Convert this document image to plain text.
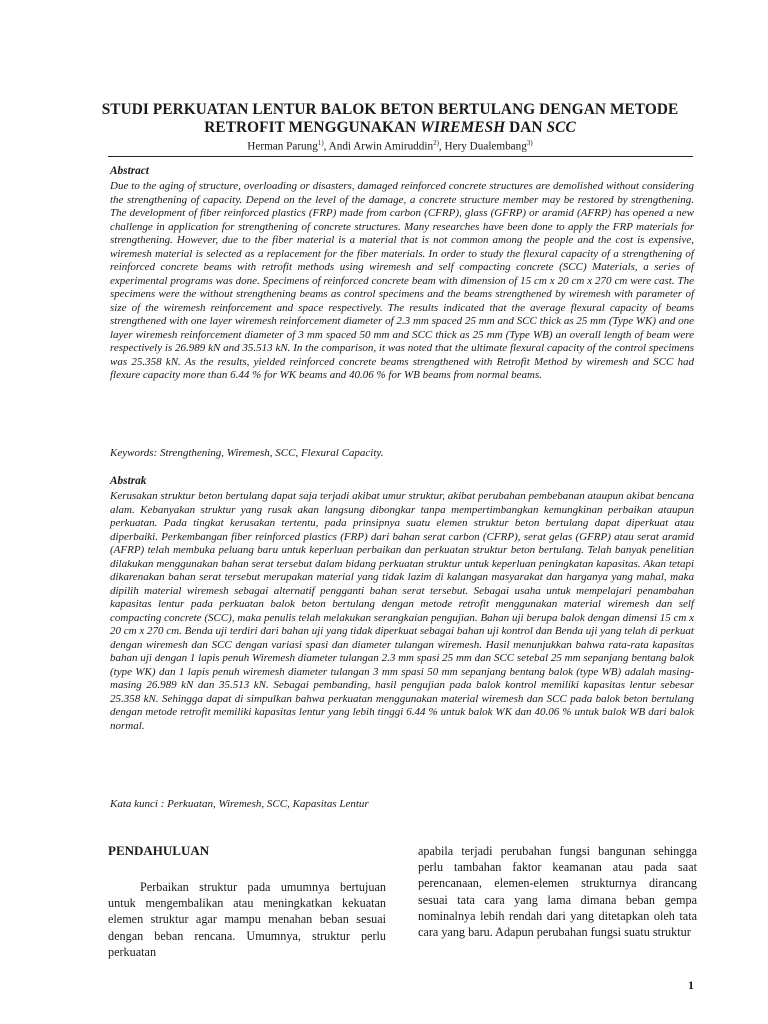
STUDI PERKUATAN LENTUR BALOK BETON BERTULANG DENGAN METODE
RETROFIT MENGGUNAKAN WIREMESH DAN SCC
Herman Parung$^{1)}$, Andi Arwin Amiruddin$^{2)}$, Hery Dualembang$^{3)}$
Abstract

Due to the aging of structure, overloading or disasters, damaged reinforced concrete structures are demolished without considering the strengthening of capacity. Depend on the level of the damage, a concrete structure member may be restored by strengthening. The development of fiber reinforced plastics (FRP) made from carbon (CFRP), glass (GFRP) or aramid (AFRP) has opened a new challenge in application for strengthening of concrete structures. Many researches have been done to apply the FRP materials for strengthening. However, due to the fiber material is a material that is not common among the people and the cost is expensive, wiremesh material is selected as a replacement for the fiber materials. In order to study the flexural capacity of a strengthening of reinforced concrete beams with retrofit methods using wiremesh and self compacting concrete (SCC) Materials, a series of experimental programs was done. Specimens of reinforced concrete beam with dimension of 15 cm x 20 cm x 270 cm were cast. The specimens were the without strengthening beams as control specimens and the beams strengthened by wiremesh with parameter of size of the wiremesh reinforcement and space respectively. The results indicated that the average flexural capacity of beams strengthened with one layer wiremesh reinforcement diameter of 2.3 mm spaced 25 mm and SCC thick as 25 mm (Type WK) and one layer wiremesh reinforcement diameter of 3 mm spaced 50 mm and SCC thick as 25 mm (Type WB) an overall length of beam were respectively is 26.989 kN and 35.513 kN. In the comparison, it was noted that the ultimate flexural capacity of the control specimens was 25.358 kN. As the results, yielded reinforced concrete beams strengthened with Retrofit Method by wiremesh and SCC had flexure capacity more than 6.44 % for WK beams and 40.06 % for WB beams from normal beams.

Keywords: Strengthening, Wiremesh, SCC, Flexural Capacity.
Abstrak

Kerusakan struktur beton bertulang dapat saja terjadi akibat umur struktur, akibat perubahan pembebanan ataupun akibat bencana alam. Kebanyakan struktur yang rusak akan langsung dibongkar tanpa mempertimbangkan kemungkinan perbaikan ataupun perkuatan. Pada tingkat kerusakan tertentu, pada prinsipnya suatu elemen struktur beton bertulang dapat diperkuat atau diperbaiki. Perkembangan fiber reinforced plastics (FRP) dari bahan serat carbon (CFRP), serat gelas (GFRP) atau serat aramid (AFRP) telah membuka peluang baru untuk keperluan perbaikan dan perkuatan struktur beton bertulang. Telah banyak penelitian dilakukan menggunakan bahan serat tersebut dalam bidang perkuatan struktur untuk keperluan peningkatan kapasitas. Akan tetapi dikarenakan bahan serat tersebut merupakan material yang tidak lazim di kalangan masyarakat dan harganya yang mahal, maka dipilih material wiremesh sebagai alternatif pengganti bahan serat tersebut. Sebagai usaha untuk mempelajari penambahan kapasitas lentur pada perkuatan balok beton bertulang dengan metode retrofit menggunakan material wiremesh dan self compacting concrete (SCC), maka penulis telah melakukan serangkaian pengujian. Bahan uji berupa balok dengan dimensi 15 cm x 20 cm x 270 cm. Benda uji terdiri dari bahan uji yang tidak diperkuat sebagai bahan uji kontrol dan Benda uji yang telah di perkuat dengan wiremesh dan SCC dengan variasi spasi dan diameter tulangan wiremesh. Hasil menunjukkan bahwa rata-rata kapasitas bahan uji dengan 1 lapis penuh Wiremesh diameter tulangan 2.3 mm spasi 25 mm dan SCC setebal 25 mm sepanjang bentang balok (type WK) dan 1 lapis penuh wiremesh diameter tulangan 3 mm spasi 50 mm sepanjang bentang balok (type WB) adalah masing-masing 26.989 kN dan 35.513 kN. Sebagai pembanding, hasil pengujian pada balok kontrol memiliki kapasitas lentur sebesar 25.358 kN. Sehingga dapat di simpulkan bahwa perkuatan menggunakan material wiremesh dan SCC pada balok beton bertulang dengan metode retrofit memiliki kapasitas lentur yang lebih tinggi 6.44 % untuk balok WK dan 40.06 % untuk balok WB dari balok normal.

Kata kunci : Perkuatan, Wiremesh, SCC, Kapasitas Lentur
PENDAHULUAN

Perbaikan struktur pada umumnya bertujuan untuk mengembalikan atau meningkatkan kekuatan elemen struktur agar mampu menahan beban sesuai dengan beban rencana. Umumnya, struktur perlu perkuatan

apabila terjadi perubahan fungsi bangunan sehingga perlu tambahan faktor keamanan atau pada saat perencanaan, elemen-elemen strukturnya dirancang sesuai tata cara yang lama dimana beban gempa nominalnya lebih rendah dari yang ditetapkan oleh tata cara yang baru. Adapun perubahan fungsi suatu struktur

1
